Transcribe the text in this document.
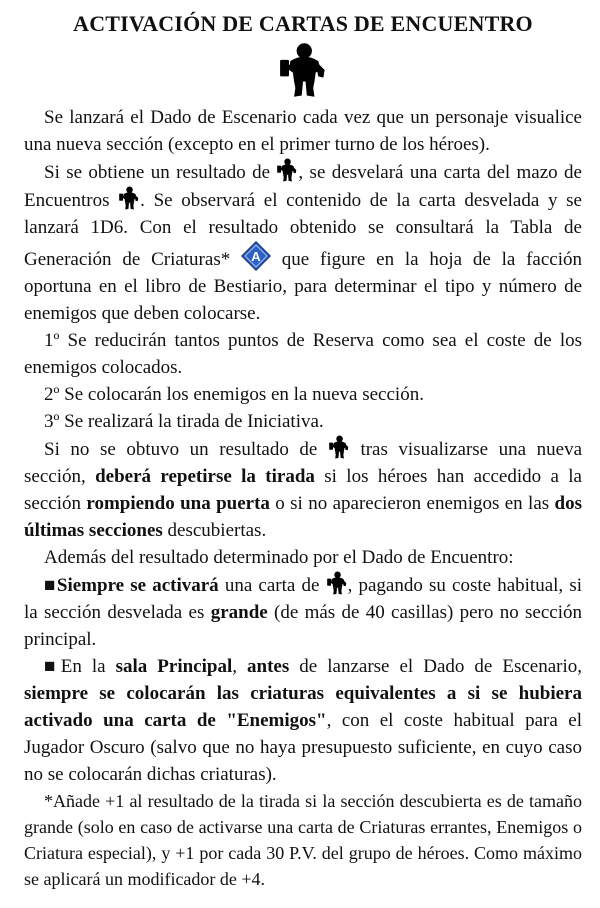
ACTIVACIÓN DE CARTAS DE ENCUENTRO

Se lanzará el Dado de Escenario cada vez que un personaje visualice una nueva sección (excepto en el primer turno de los héroes).

Si se obtiene un resultado de , se desvelará una carta del mazo de Encuentros . Se observará el contenido de la carta desvelada y se lanzará 1D6. Con el resultado obtenido se consultará la Tabla de Generación de Criaturas* A que figure en la hoja de la facción oportuna en el libro de Bestiario, para determinar el tipo y número de enemigos que deben colocarse.

1º Se reducirán tantos puntos de Reserva como sea el coste de los enemigos colocados.

2º Se colocarán los enemigos en la nueva sección.

3º Se realizará la tirada de Iniciativa.

Si no se obtuvo un resultado de  tras visualizarse una nueva sección, deberá repetirse la tirada si los héroes han accedido a la sección rompiendo una puerta o si no aparecieron enemigos en las dos últimas secciones descubiertas.

Además del resultado determinado por el Dado de Encuentro:

■Siempre se activará una carta de , pagando su coste habitual, si la sección desvelada es grande (de más de 40 casillas) pero no sección principal.

■En la sala Principal, antes de lanzarse el Dado de Escenario, siempre se colocarán las criaturas equivalentes a si se hubiera activado una carta de "Enemigos", con el coste habitual para el Jugador Oscuro (salvo que no haya presupuesto suficiente, en cuyo caso no se colocarán dichas criaturas).

*Añade +1 al resultado de la tirada si la sección descubierta es de tamaño grande (solo en caso de activarse una carta de Criaturas errantes, Enemigos o Criatura especial), y +1 por cada 30 P.V. del grupo de héroes. Como máximo se aplicará un modificador de +4.
